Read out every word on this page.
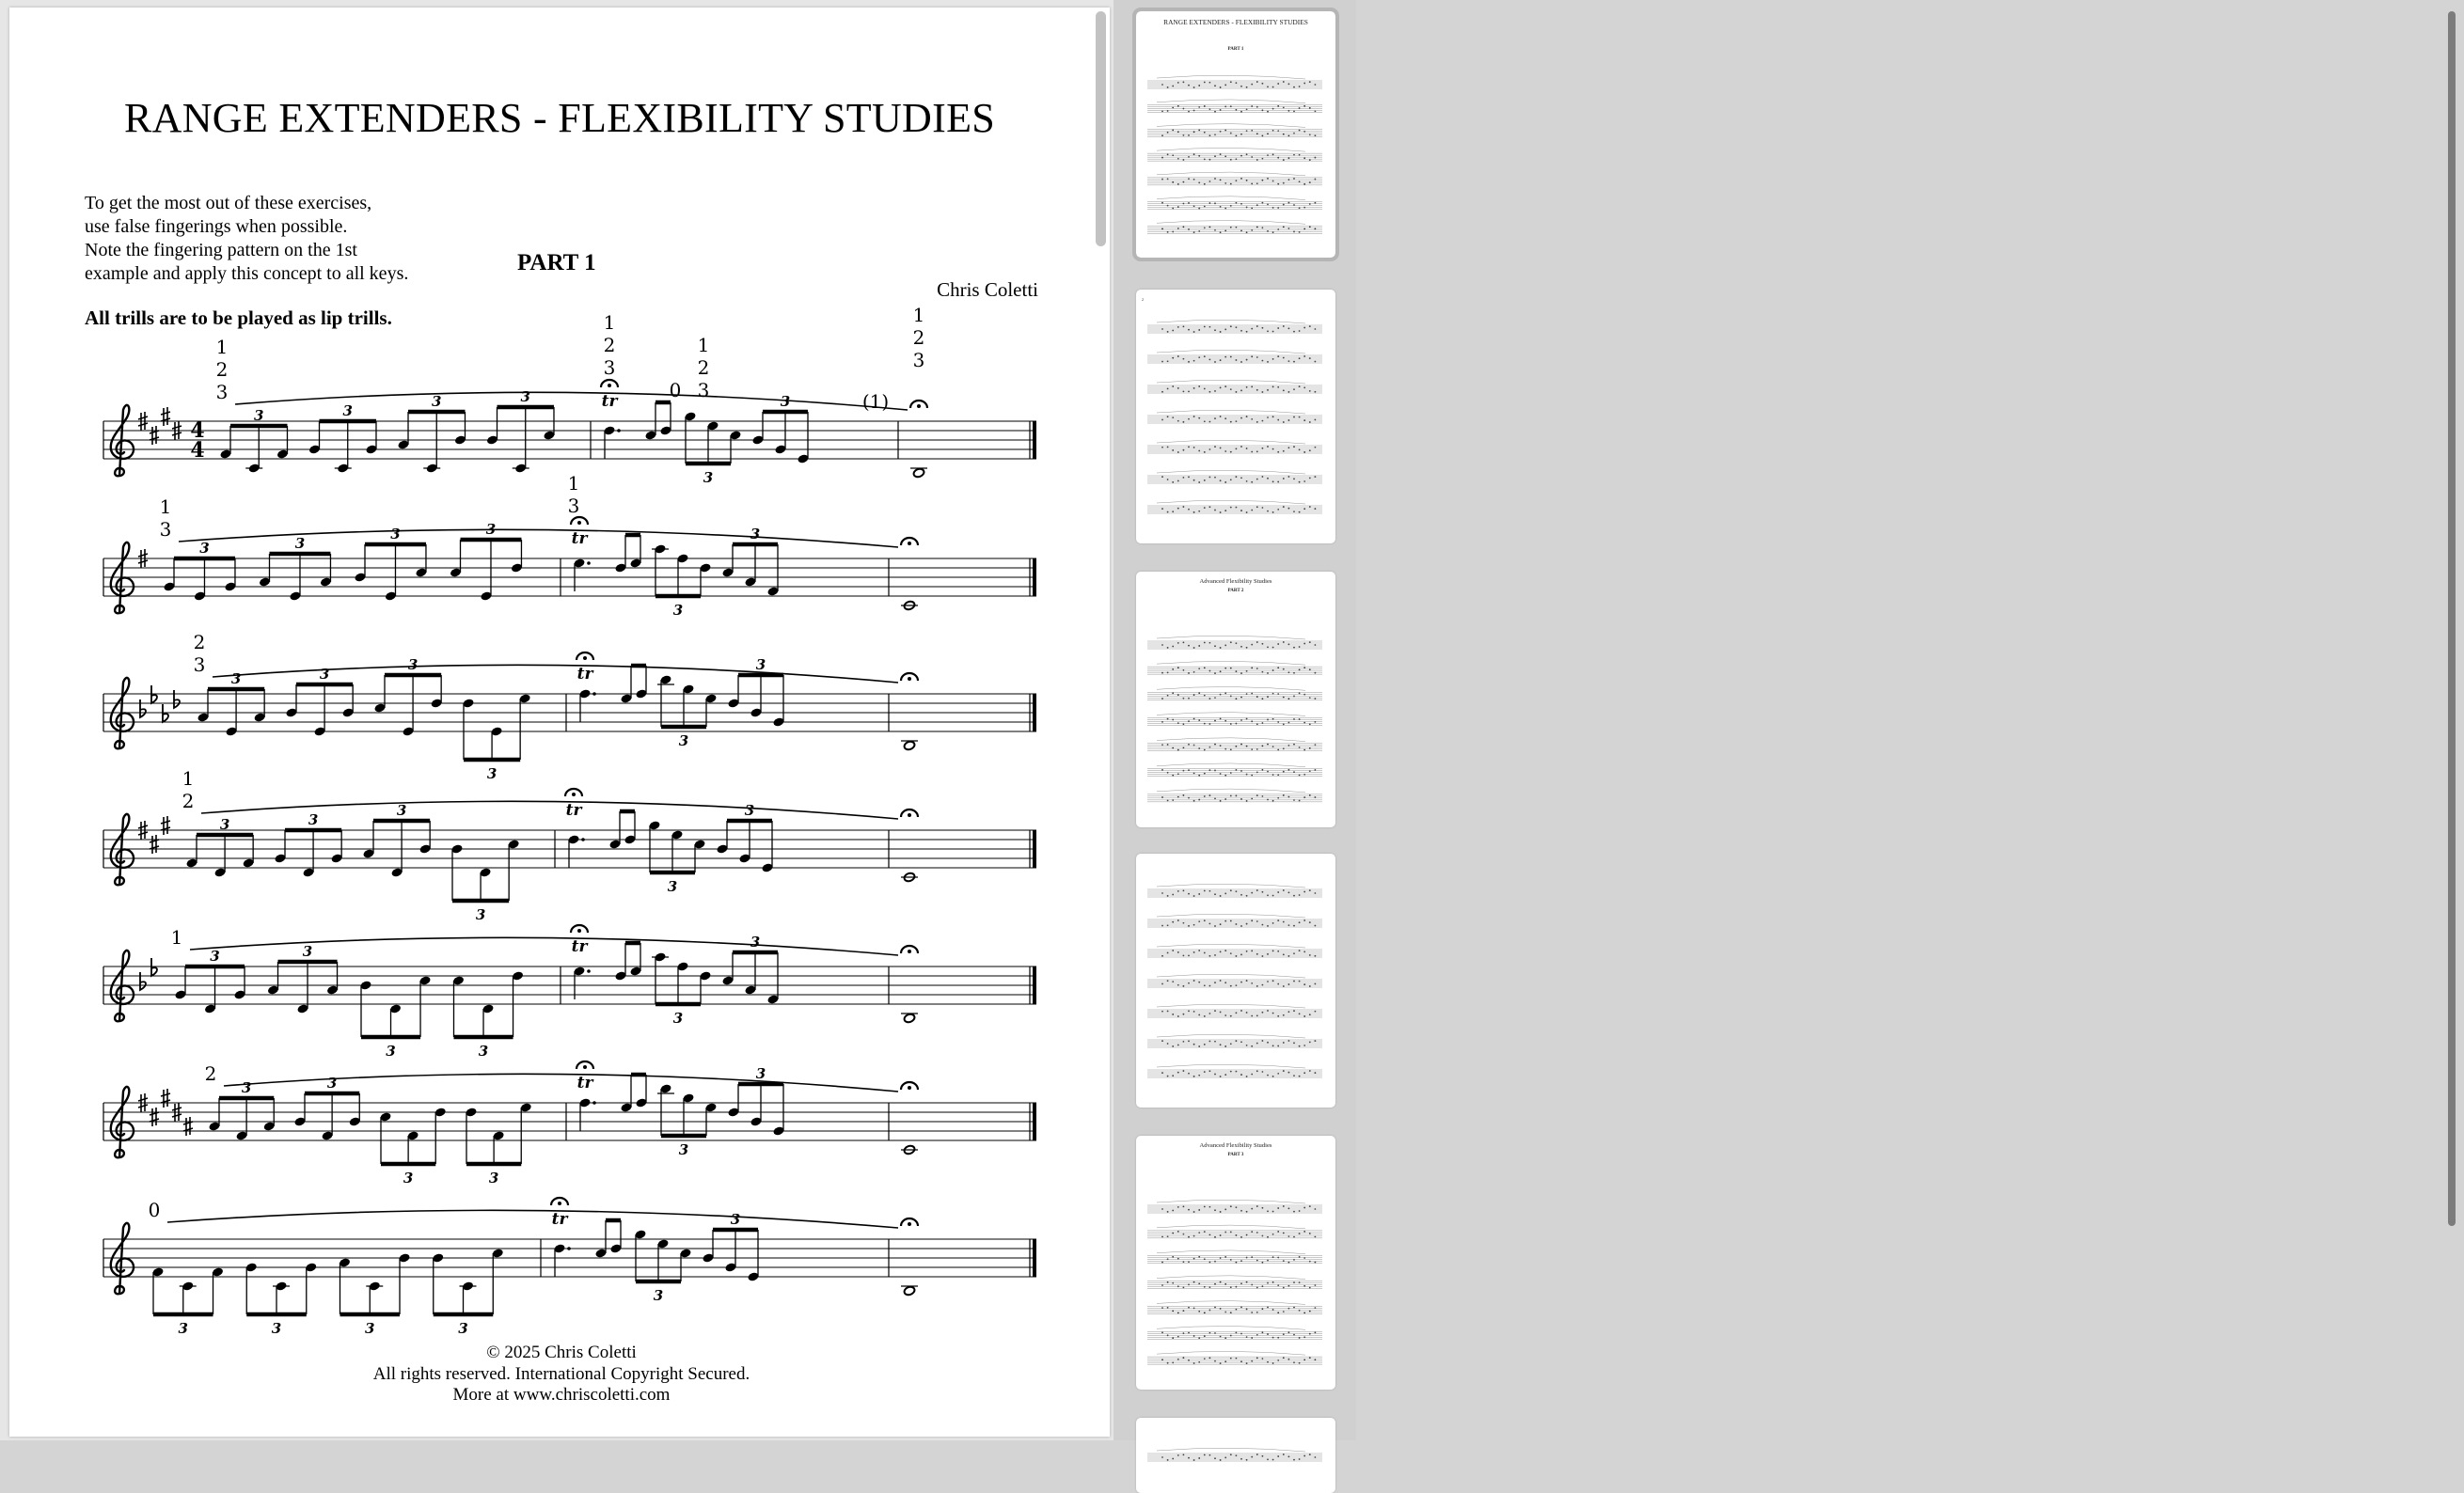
RANGE EXTENDERS - FLEXIBILITY STUDIES
To get the most out of these exercises,
use false fingerings when possible.
Note the fingering pattern on the 1st
example and apply this concept to all keys.	PART 1
Chris Coletti
All trills are to be played as lip trills.
4
4
3	3
3	3	tr
3
3
1
2
3
1
2
3
0
1
2
3	(1)
1
2
3
1
3
3	3
3	3	tr
3
3
1
3
3	3
3
3
tr
3
3
2
3
3	3
3
3
tr
3
3
1
2
3	3
3	3
tr
3
3
1
3	3
3	3
tr
3
3
2
3	3	3	3
tr
3
3
0
© 2025 Chris Coletti
All rights reserved. International Copyright Secured.
More at www.chriscoletti.com
RANGE EXTENDERS - FLEXIBILITY STUDIES
PART 1
2
Advanced Flexibility Studies
PART 2
Advanced Flexibility Studies
PART 3
